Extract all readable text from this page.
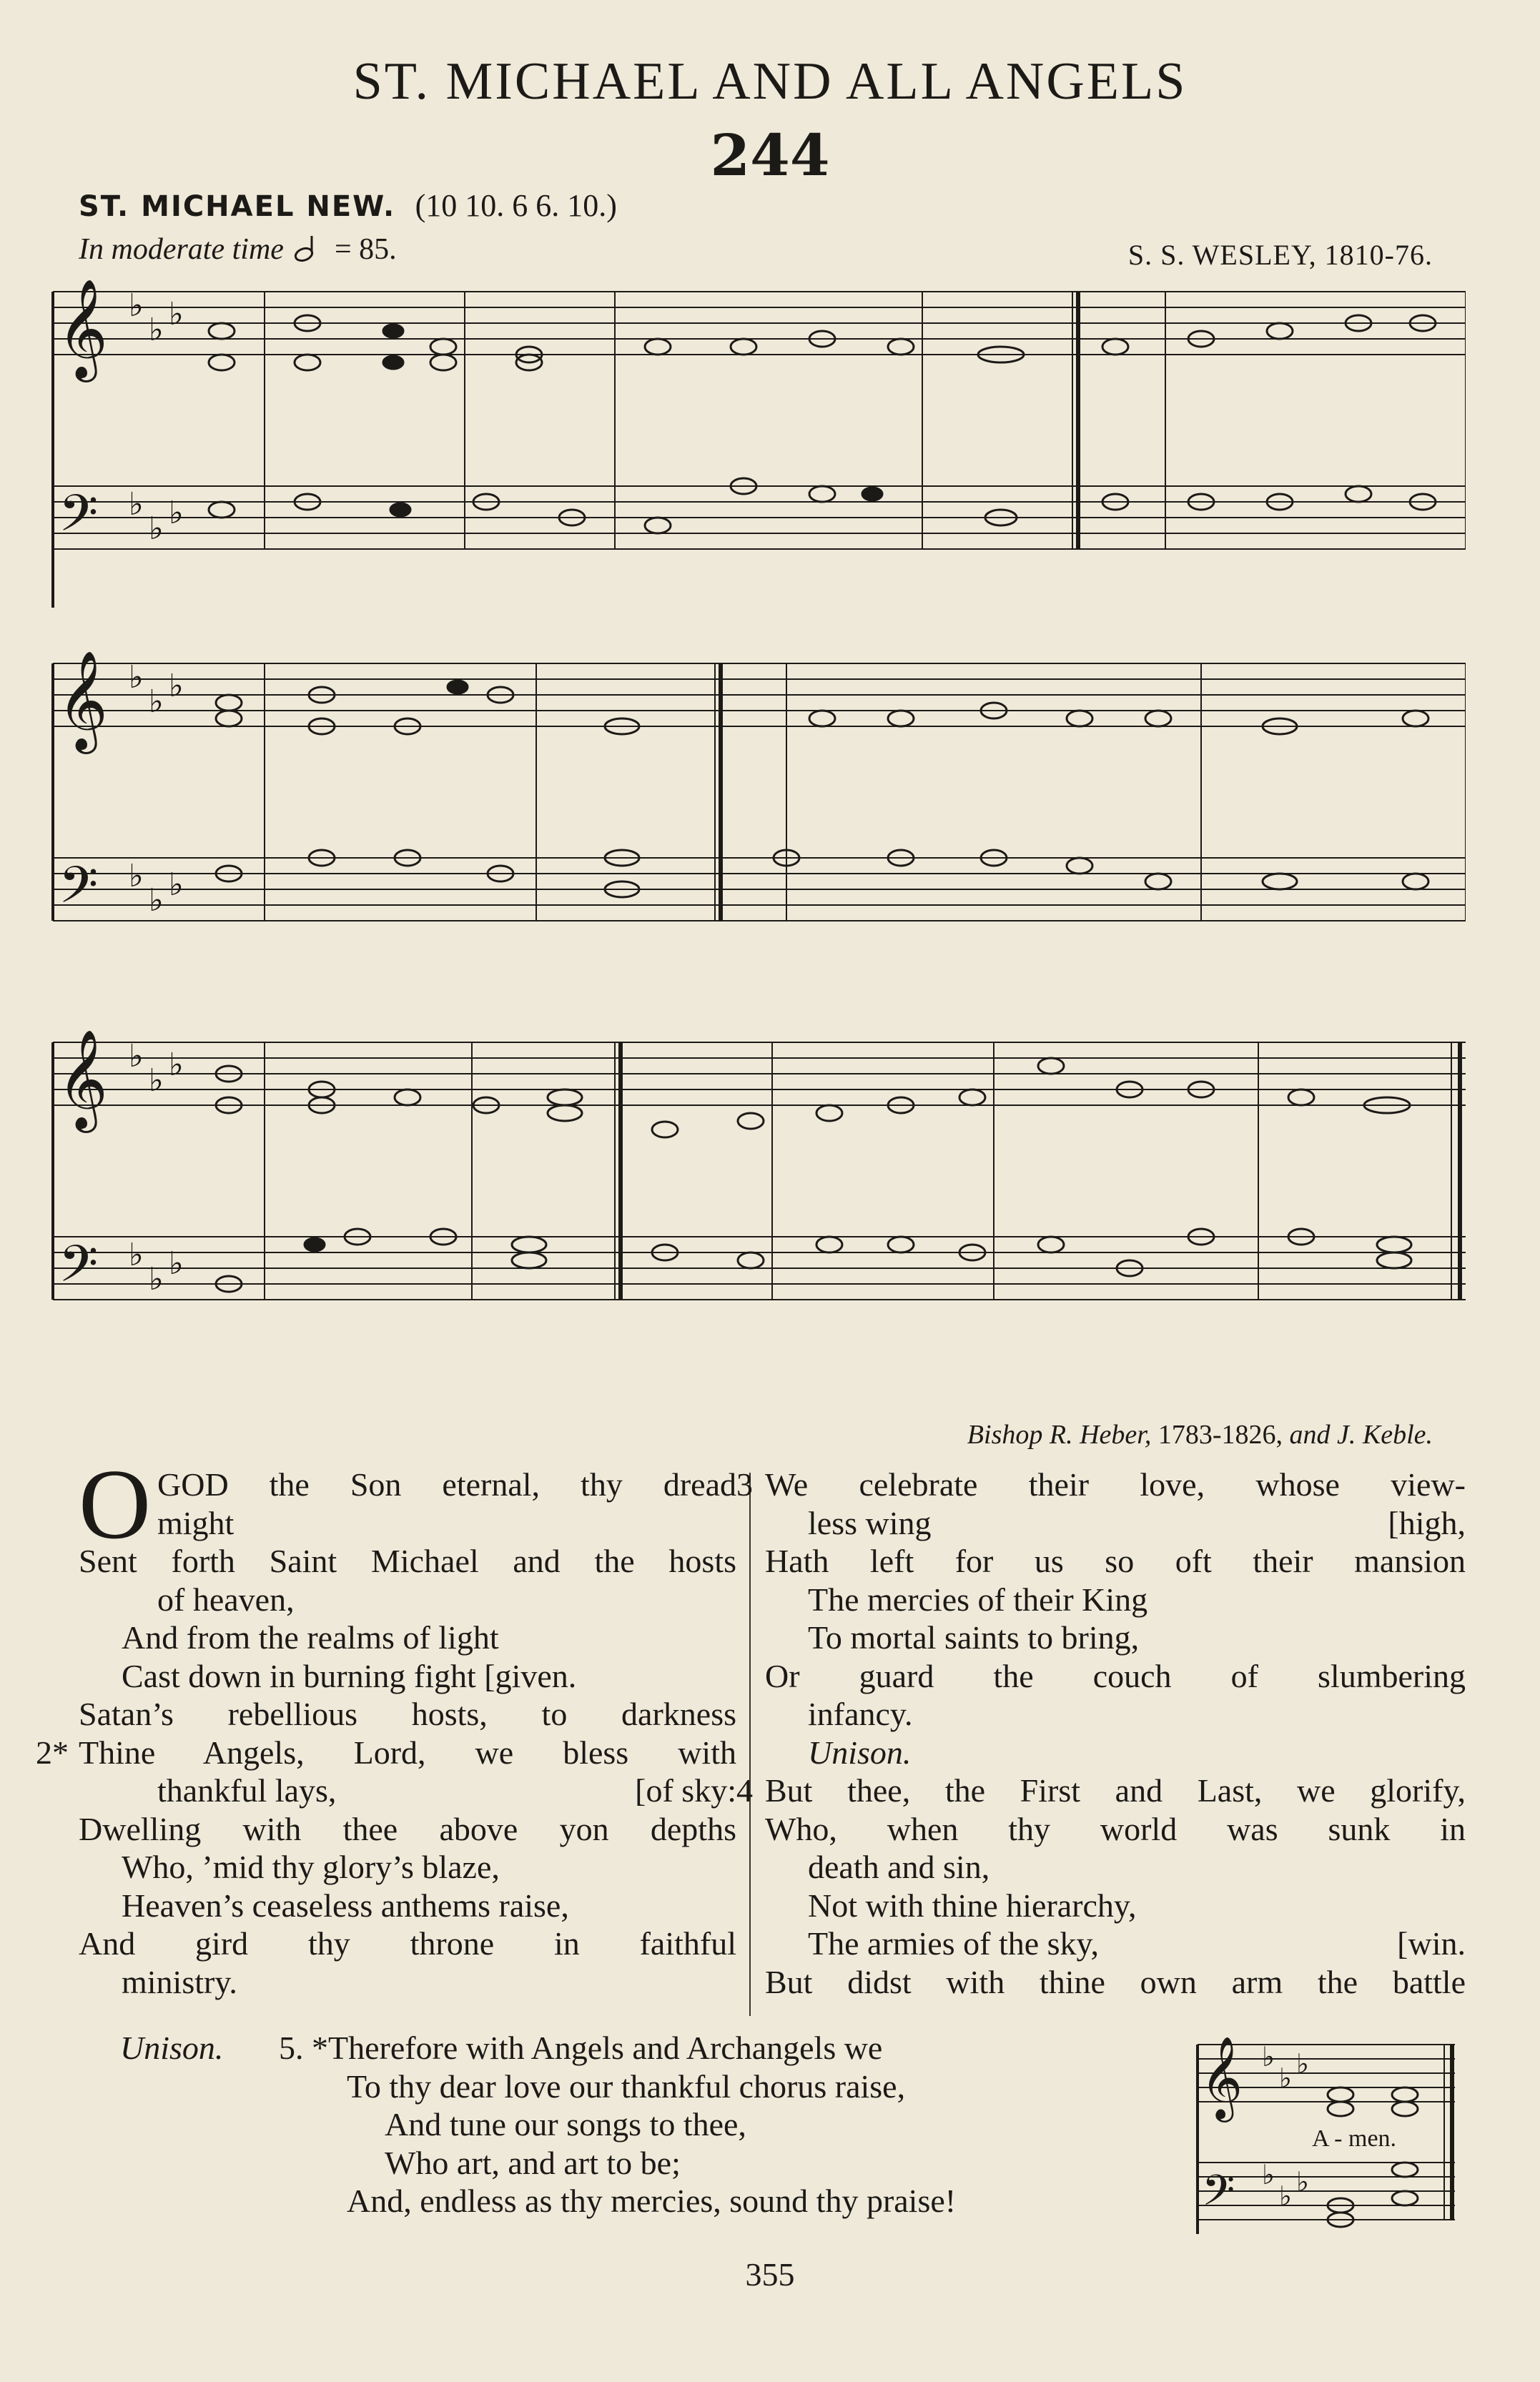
ST. MICHAEL AND ALL ANGELS
244
ST. MICHAEL NEW. (10 10. 6 6. 10.)
In moderate time = 85.	S. S. WESLEY, 1810-76.
𝄞
𝄢
♭
♭ ♭
♭
♭ ♭
𝄞
𝄢
♭
♭ ♭
♭
♭ ♭
𝄞
𝄢
♭
♭ ♭
♭
♭ ♭
Bishop R. Heber, 1783-1826, and J. Keble.
O GOD the Son eternal, thy dread
might
Sent forth Saint Michael and the hosts
of heaven,
And from the realms of light
Cast down in burning fight [given.
Satan’s rebellious hosts, to darkness
2* Thine Angels, Lord, we bless with
thankful lays,	[of sky:
Dwelling with thee above yon depths
Who, ’mid thy glory’s blaze,
Heaven’s ceaseless anthems raise,
And gird thy throne in faithful
ministry.
3 We celebrate their love, whose view-
less wing	[high,
Hath left for us so oft their mansion
The mercies of their King
To mortal saints to bring,
Or guard the couch of slumbering
infancy.
Unison.
4 But thee, the First and Last, we glorify,
Who, when thy world was sunk in
death and sin,
Not with thine hierarchy,
The armies of the sky,	[win.
But didst with thine own arm the battle
Unison.	5. *Therefore with Angels and Archangels we
To thy dear love our thankful chorus raise,
And tune our songs to thee,
Who art, and art to be;
And, endless as thy mercies, sound thy praise!
𝄞
𝄢
♭
♭ ♭
♭
♭ ♭
A - men.
355
